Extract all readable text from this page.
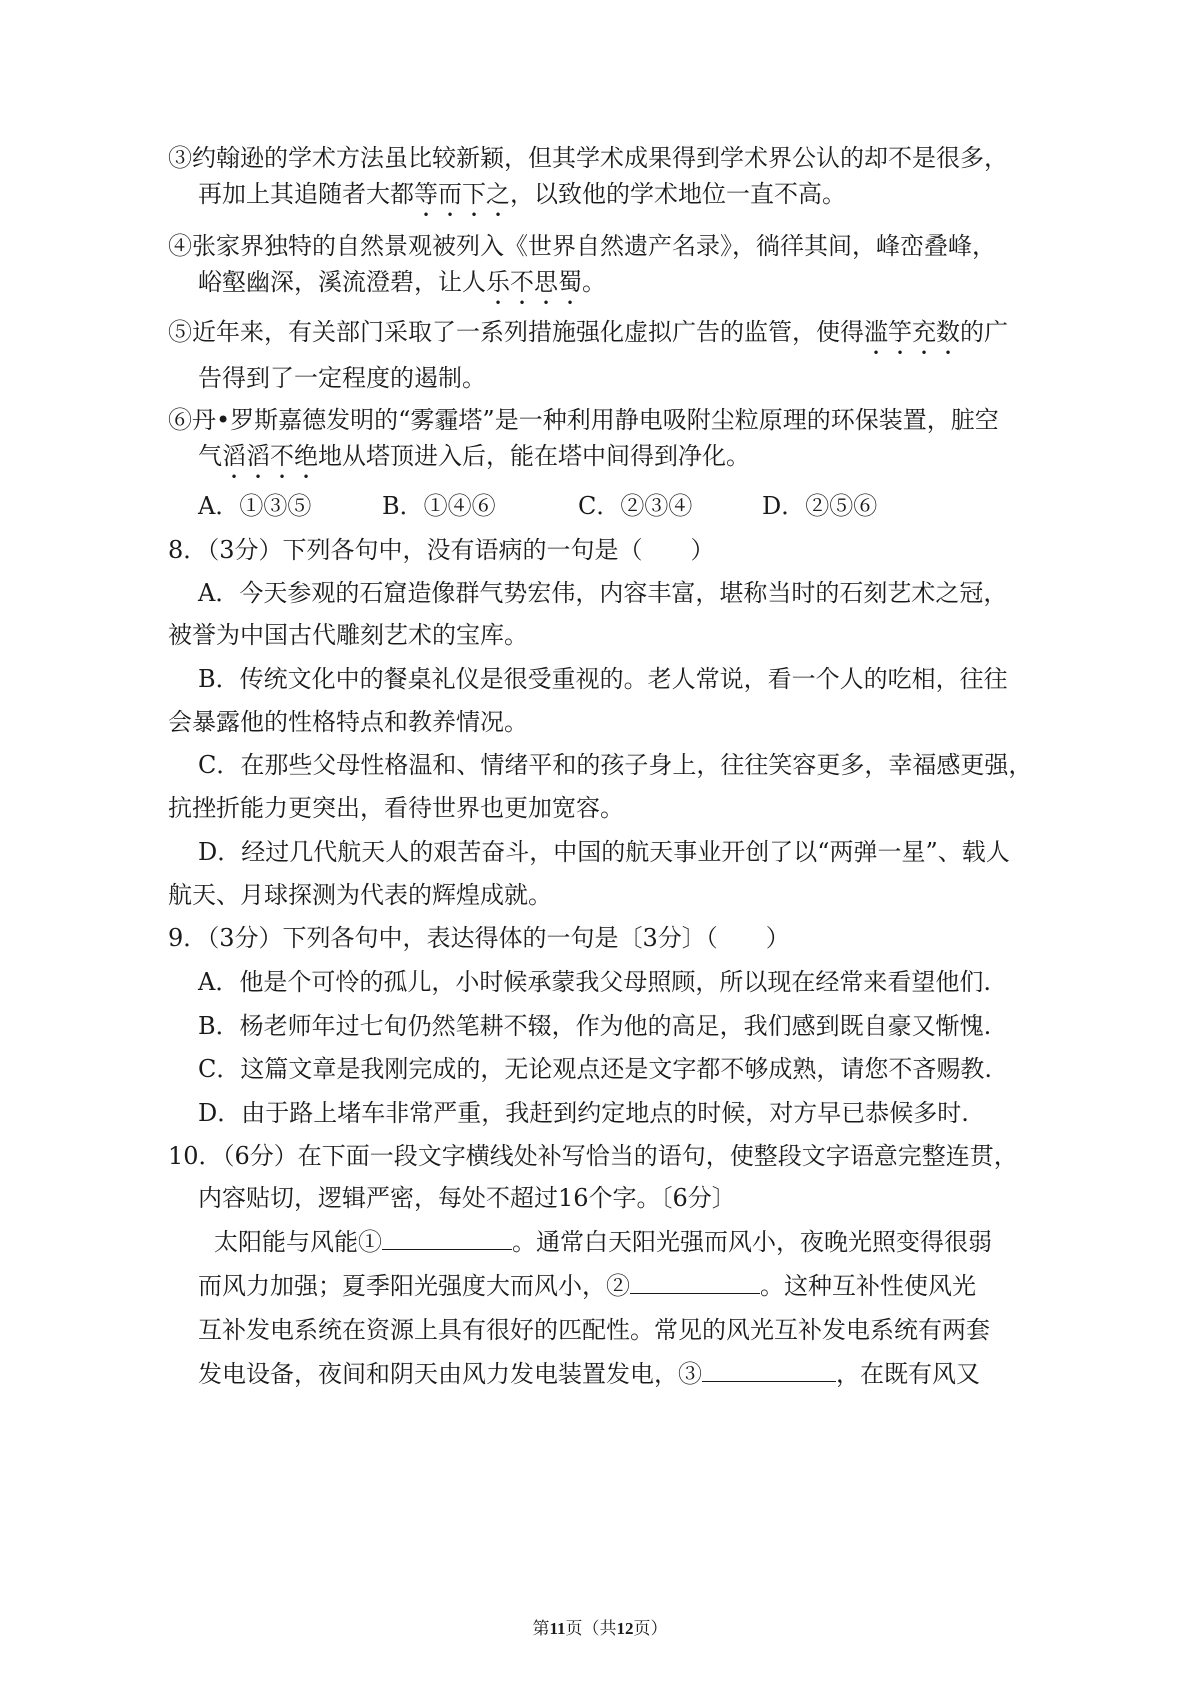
③约翰逊的学术方法虽比较新颖，但其学术成果得到学术界公认的却不是很多，
再加上其追随者大都等而下之，以致他的学术地位一直不高。
④张家界独特的自然景观被列入《世界自然遗产名录》，徜徉其间，峰峦叠峰，
峪壑幽深，溪流澄碧，让人乐不思蜀。
⑤近年来，有关部门采取了一系列措施强化虚拟广告的监管，使得滥竽充数的广
告得到了一定程度的遏制。
⑥丹•罗斯嘉德发明的“雾霾塔”是一种利用静电吸附尘粒原理的环保装置，脏空
气滔滔不绝地从塔顶进入后，能在塔中间得到净化。
A．①③⑤	B．①④⑥	C．②③④	D．②⑤⑥
8．（3分）下列各句中，没有语病的一句是（　　）
A．今天参观的石窟造像群气势宏伟，内容丰富，堪称当时的石刻艺术之冠，
被誉为中国古代雕刻艺术的宝库。
B．传统文化中的餐桌礼仪是很受重视的。老人常说，看一个人的吃相，往往
会暴露他的性格特点和教养情况。
C．在那些父母性格温和、情绪平和的孩子身上，往往笑容更多，幸福感更强，
抗挫折能力更突出，看待世界也更加宽容。
D．经过几代航天人的艰苦奋斗，中国的航天事业开创了以“两弹一星”、载人
航天、月球探测为代表的辉煌成就。
9．（3分）下列各句中，表达得体的一句是〔3分〕（　　）
A．他是个可怜的孤儿，小时候承蒙我父母照顾，所以现在经常来看望他们.
B．杨老师年过七旬仍然笔耕不辍，作为他的高足，我们感到既自豪又惭愧.
C．这篇文章是我刚完成的，无论观点还是文字都不够成熟，请您不吝赐教.
D．由于路上堵车非常严重，我赶到约定地点的时候，对方早已恭候多时.
10．（6分）在下面一段文字横线处补写恰当的语句，使整段文字语意完整连贯，
内容贴切，逻辑严密，每处不超过16个字。〔6分〕
太阳能与风能①	。通常白天阳光强而风小，夜晚光照变得很弱
而风力加强；夏季阳光强度大而风小，②	。这种互补性使风光
互补发电系统在资源上具有很好的匹配性。常见的风光互补发电系统有两套
发电设备，夜间和阴天由风力发电装置发电，③	，在既有风又
第11页（共12页）
